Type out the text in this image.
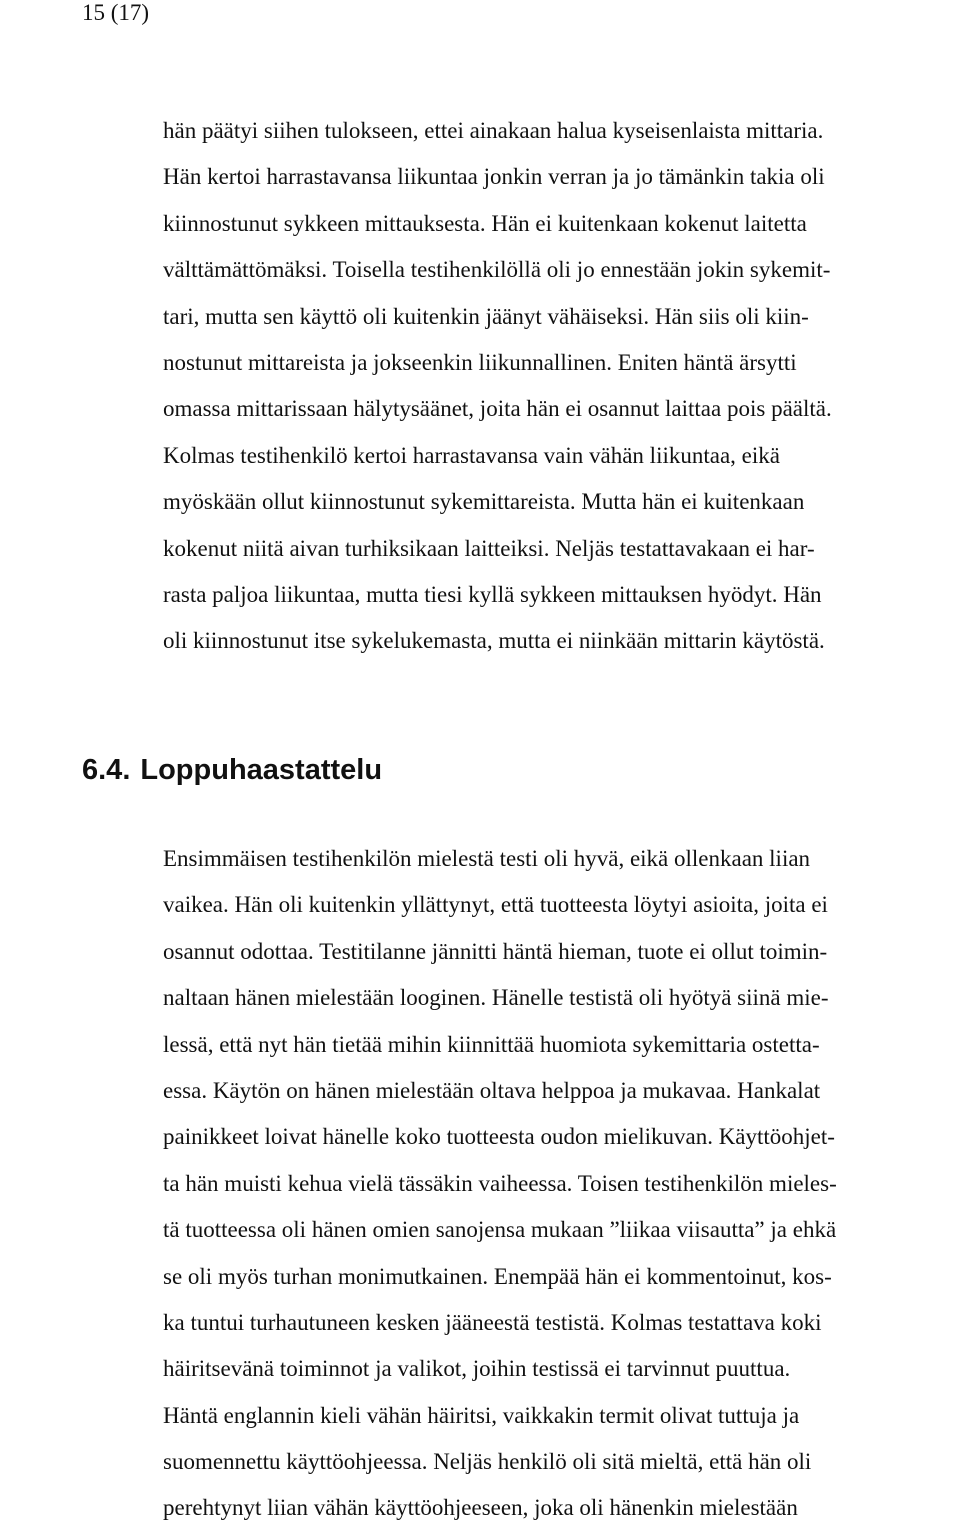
15 (17)

hän päätyi siihen tulokseen, ettei ainakaan halua kyseisenlaista mittaria.
Hän kertoi harrastavansa liikuntaa jonkin verran ja jo tämänkin takia oli
kiinnostunut sykkeen mittauksesta. Hän ei kuitenkaan kokenut laitetta
välttämättömäksi. Toisella testihenkilöllä oli jo ennestään jokin sykemit-
tari, mutta sen käyttö oli kuitenkin jäänyt vähäiseksi. Hän siis oli kiin-
nostunut mittareista ja jokseenkin liikunnallinen. Eniten häntä ärsytti
omassa mittarissaan hälytysäänet, joita hän ei osannut laittaa pois päältä.
Kolmas testihenkilö kertoi harrastavansa vain vähän liikuntaa, eikä
myöskään ollut kiinnostunut sykemittareista. Mutta hän ei kuitenkaan
kokenut niitä aivan turhiksikaan laitteiksi. Neljäs testattavakaan ei har-
rasta paljoa liikuntaa, mutta tiesi kyllä sykkeen mittauksen hyödyt. Hän
oli kiinnostunut itse sykelukemasta, mutta ei niinkään mittarin käytöstä.
6.4. Loppuhaastattelu
Ensimmäisen testihenkilön mielestä testi oli hyvä, eikä ollenkaan liian
vaikea. Hän oli kuitenkin yllättynyt, että tuotteesta löytyi asioita, joita ei
osannut odottaa. Testitilanne jännitti häntä hieman, tuote ei ollut toimin-
naltaan hänen mielestään looginen. Hänelle testistä oli hyötyä siinä mie-
lessä, että nyt hän tietää mihin kiinnittää huomiota sykemittaria ostetta-
essa. Käytön on hänen mielestään oltava helppoa ja mukavaa. Hankalat
painikkeet loivat hänelle koko tuotteesta oudon mielikuvan. Käyttöohjet-
ta hän muisti kehua vielä tässäkin vaiheessa. Toisen testihenkilön mieles-
tä tuotteessa oli hänen omien sanojensa mukaan ”liikaa viisautta” ja ehkä
se oli myös turhan monimutkainen. Enempää hän ei kommentoinut, kos-
ka tuntui turhautuneen kesken jääneestä testistä. Kolmas testattava koki
häiritsevänä toiminnot ja valikot, joihin testissä ei tarvinnut puuttua.
Häntä englannin kieli vähän häiritsi, vaikkakin termit olivat tuttuja ja
suomennettu käyttöohjeessa. Neljäs henkilö oli sitä mieltä, että hän oli
perehtynyt liian vähän käyttöohjeeseen, joka oli hänenkin mielestään
